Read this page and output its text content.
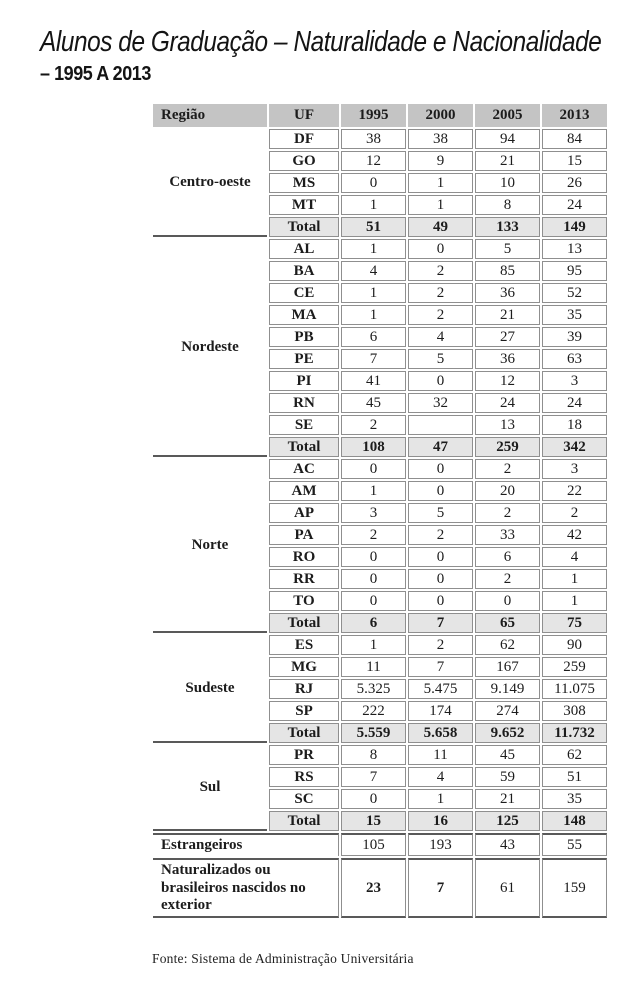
Alunos de Graduação – Naturalidade e Nacionalidade
– 1995 A 2013
Região	UF	1995	2000	2005	2013
Centro-oeste	DF	38	38	94	84
	GO	12	9	21	15
	MS	0	1	10	26
	MT	1	1	8	24
	Total	51	49	133	149
Nordeste	AL	1	0	5	13
	BA	4	2	85	95
	CE	1	2	36	52
	MA	1	2	21	35
	PB	6	4	27	39
	PE	7	5	36	63
	PI	41	0	12	3
	RN	45	32	24	24
	SE	2		13	18
	Total	108	47	259	342
Norte	AC	0	0	2	3
	AM	1	0	20	22
	AP	3	5	2	2
	PA	2	2	33	42
	RO	0	0	6	4
	RR	0	0	2	1
	TO	0	0	0	1
	Total	6	7	65	75
Sudeste	ES	1	2	62	90
	MG	11	7	167	259
	RJ	5.325	5.475	9.149	11.075
	SP	222	174	274	308
	Total	5.559	5.658	9.652	11.732
Sul	PR	8	11	45	62
	RS	7	4	59	51
	SC	0	1	21	35
	Total	15	16	125	148
Estrangeiros		105	193	43	55
Naturalizados ou brasileiros nascidos no exterior		23	7	61	159

Fonte: Sistema de Administração Universitária
